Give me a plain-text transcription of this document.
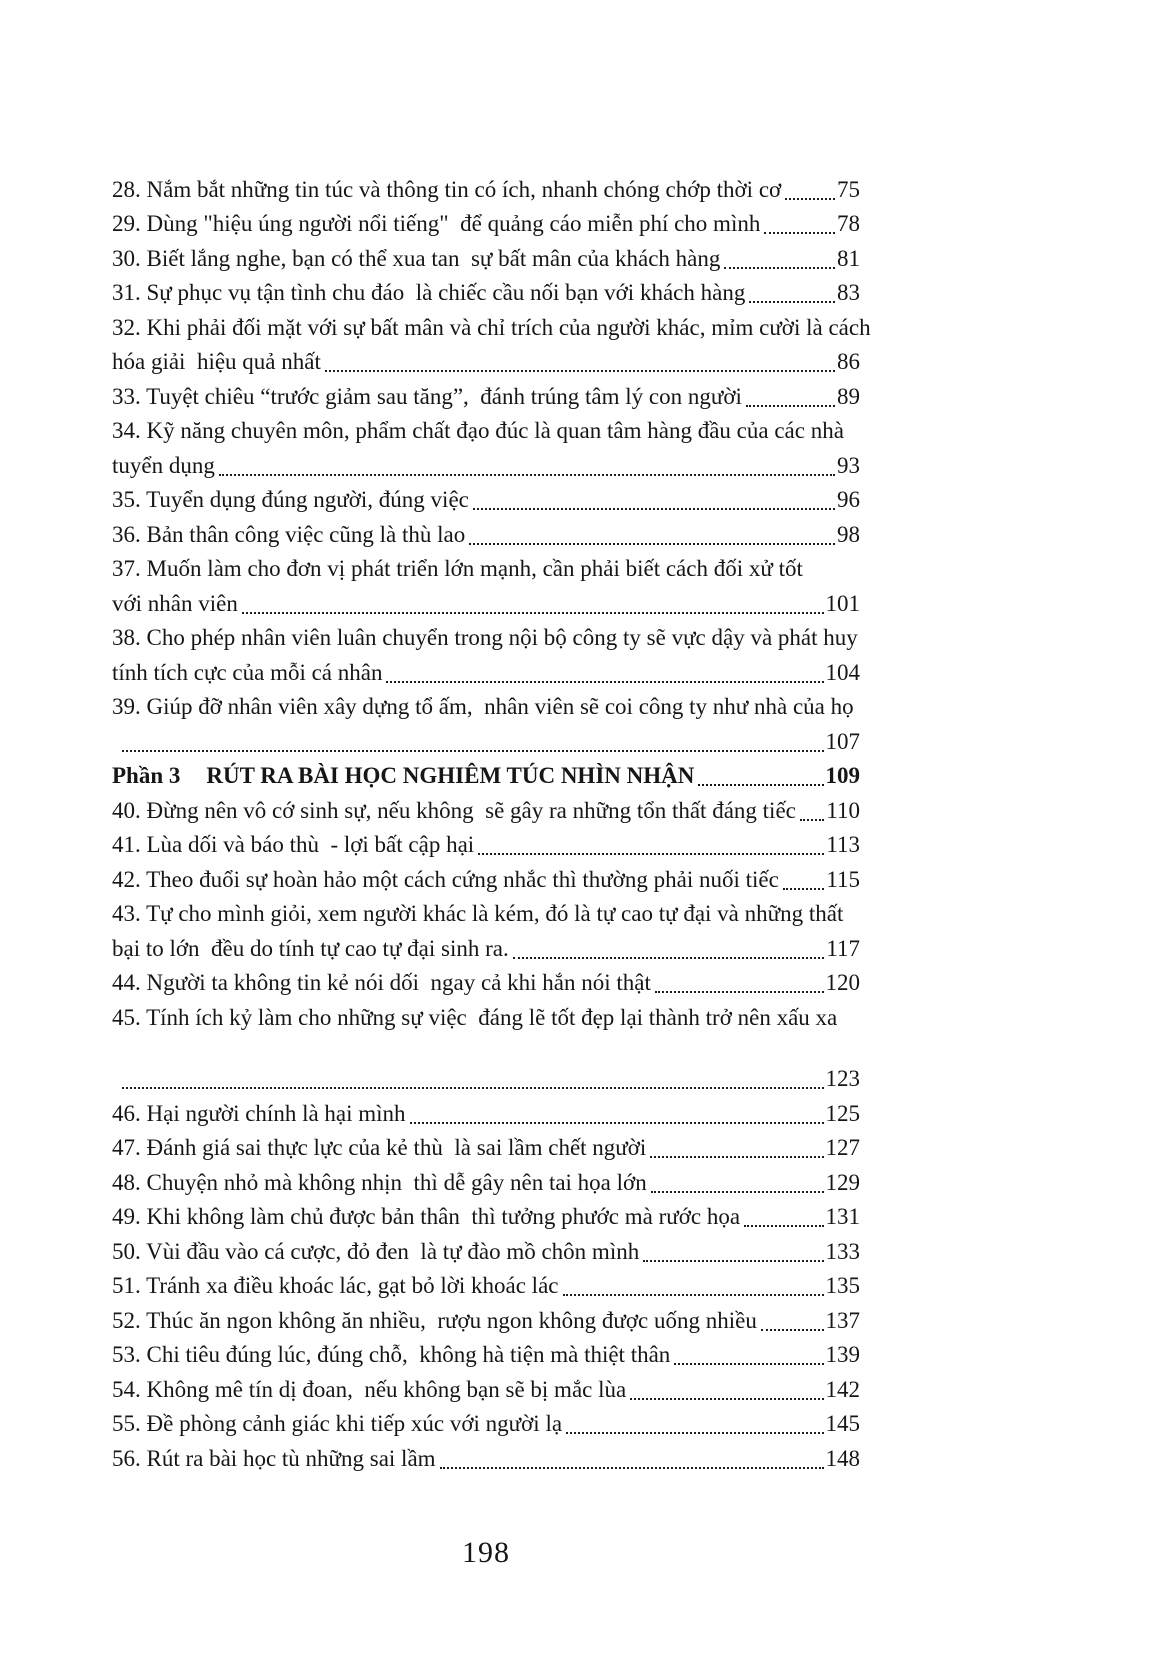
28. Nắm bắt những tin túc và thông tin có ích, nhanh chóng chớp thời cơ 75
29. Dùng "hiệu úng người nổi tiếng"  để quảng cáo miễn phí cho mình	78
30. Biết lắng nghe, bạn có thể xua tan  sự bất mân của khách hàng	81
31. Sự phục vụ tận tình chu đáo  là chiếc cầu nối bạn với khách hàng	83
32. Khi phải đối mặt với sự bất mân và chỉ trích của người khác, mỉm cười là cách
hóa giải  hiệu quả nhất	86
33. Tuyệt chiêu “trước giảm sau tăng”,  đánh trúng tâm lý con người	89
34. Kỹ năng chuyên môn, phẩm chất đạo đúc là quan tâm hàng đầu của các nhà
tuyển dụng	93
35. Tuyển dụng đúng người, đúng việc	96
36. Bản thân công việc cũng là thù lao	98
37. Muốn làm cho đơn vị phát triển lớn mạnh, cần phải biết cách đối xử tốt
với nhân viên	101
38. Cho phép nhân viên luân chuyển trong nội bộ công ty sẽ vực dậy và phát huy
tính tích cực của mỗi cá nhân	104
39. Giúp đỡ nhân viên xây dựng tổ ấm,  nhân viên sẽ coi công ty như nhà của họ
107
Phần 3 RÚT RA BÀI HỌC NGHIÊM TÚC NHÌN NHẬN	109
40. Đừng nên vô cớ sinh sự, nếu không  sẽ gây ra những tổn thất đáng tiếc 110
41. Lùa dối và báo thù  - lợi bất cập hại	113
42. Theo đuổi sự hoàn hảo một cách cứng nhắc thì thường phải nuối tiếc 115
43. Tự cho mình giỏi, xem người khác là kém, đó là tự cao tự đại và những thất
bại to lớn  đều do tính tự cao tự đại sinh ra.	117
44. Người ta không tin kẻ nói dối  ngay cả khi hắn nói thật	120
45. Tính ích kỷ làm cho những sự việc  đáng lẽ tốt đẹp lại thành trở nên xấu xa
123
46. Hại người chính là hại mình	125
47. Đánh giá sai thực lực của kẻ thù  là sai lầm chết người	127
48. Chuyện nhỏ mà không nhịn  thì dễ gây nên tai họa lớn	129
49. Khi không làm chủ được bản thân  thì tưởng phước mà rước họa	131
50. Vùi đầu vào cá cược, đỏ đen  là tự đào mồ chôn mình	133
51. Tránh xa điều khoác lác, gạt bỏ lời khoác lác	135
52. Thúc ăn ngon không ăn nhiều,  rượu ngon không được uống nhiều	137
53. Chi tiêu đúng lúc, đúng chỗ,  không hà tiện mà thiệt thân	139
54. Không mê tín dị đoan,  nếu không bạn sẽ bị mắc lùa	142
55. Đề phòng cảnh giác khi tiếp xúc với người lạ	145
56. Rút ra bài học tù những sai lầm	148
198
